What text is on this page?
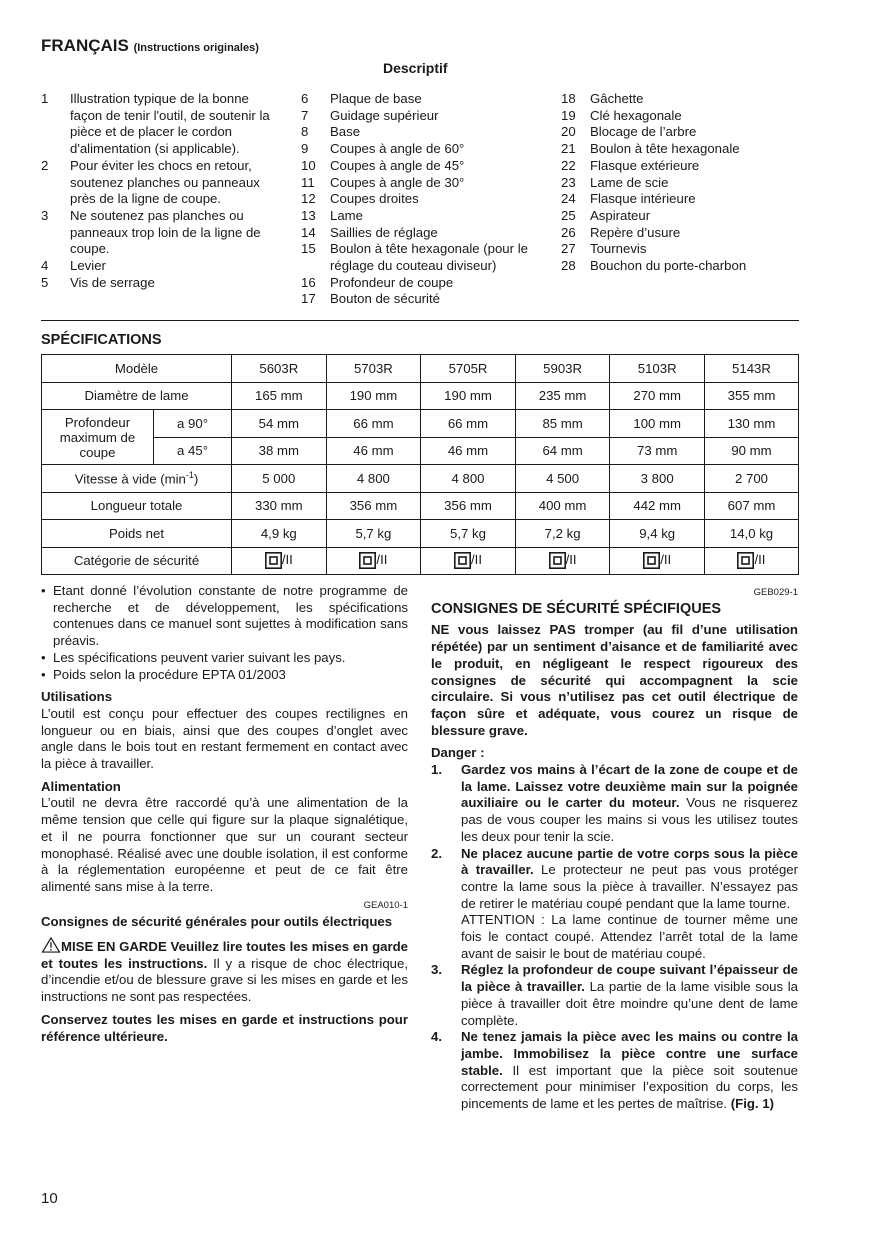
FRANÇAIS (Instructions originales)
Descriptif
1	Illustration typique de la bonne façon de tenir l'outil, de soutenir la pièce et de placer le cordon d'alimentation (si applicable).
2	Pour éviter les chocs en retour, soutenez planches ou panneaux près de la ligne de coupe.
3	Ne soutenez pas planches ou panneaux trop loin de la ligne de coupe.
4	Levier
5	Vis de serrage
6	Plaque de base
7	Guidage supérieur
8	Base
9	Coupes à angle de 60°
10	Coupes à angle de 45°
11	Coupes à angle de 30°
12	Coupes droites
13	Lame
14	Saillies de réglage
15	Boulon à tête hexagonale (pour le réglage du couteau diviseur)
16	Profondeur de coupe
17	Bouton de sécurité
18	Gâchette
19	Clé hexagonale
20	Blocage de l’arbre
21	Boulon à tête hexagonale
22	Flasque extérieure
23	Lame de scie
24	Flasque intérieure
25	Aspirateur
26	Repère d’usure
27	Tournevis
28	Bouchon du porte-charbon
SPÉCIFICATIONS
Modèle		5603R	5703R	5705R	5903R	5103R	5143R
Diamètre de lame		165 mm	190 mm	190 mm	235 mm	270 mm	355 mm
Profondeur maximum de coupe	a 90°	54 mm	66 mm	66 mm	85 mm	100 mm	130 mm
	a 45°	38 mm	46 mm	46 mm	64 mm	73 mm	90 mm
Vitesse à vide $(\min^{-1})$		5 000	4 800	4 800	4 500	3 800	2 700
Longueur totale		330 mm	356 mm	356 mm	400 mm	442 mm	607 mm
Poids net		4,9 kg	5,7 kg	5,7 kg	7,2 kg	9,4 kg	14,0 kg
Catégorie de sécurité		/II	/II	/II	/II	/II	/II
• Etant donné l’évolution constante de notre programme de recherche et de développement, les spécifications contenues dans ce manuel sont sujettes à modification sans préavis.
• Les spécifications peuvent varier suivant les pays.
• Poids selon la procédure EPTA 01/2003
Utilisations
L’outil est conçu pour effectuer des coupes rectilignes en longueur ou en biais, ainsi que des coupes d’onglet avec angle dans le bois tout en restant fermement en contact avec la pièce à travailler.
Alimentation
L’outil ne devra être raccordé qu’à une alimentation de la même tension que celle qui figure sur la plaque signalétique, et il ne pourra fonctionner que sur un courant secteur monophasé. Réalisé avec une double isolation, il est conforme à la réglementation européenne et peut de ce fait être alimenté sans mise à la terre.
GEA010-1
Consignes de sécurité générales pour outils électriques
MISE EN GARDE Veuillez lire toutes les mises en garde et toutes les instructions. Il y a risque de choc électrique, d’incendie et/ou de blessure grave si les mises en garde et les instructions ne sont pas respectées.
Conservez toutes les mises en garde et instructions pour référence ultérieure.
GEB029-1
CONSIGNES DE SÉCURITÉ SPÉCIFIQUES
NE vous laissez PAS tromper (au fil d’une utilisation répétée) par un sentiment d’aisance et de familiarité avec le produit, en négligeant le respect rigoureux des consignes de sécurité qui accompagnent la scie circulaire. Si vous n’utilisez pas cet outil électrique de façon sûre et adéquate, vous courez un risque de blessure grave.
Danger :
1.	Gardez vos mains à l’écart de la zone de coupe et de la lame. Laissez votre deuxième main sur la poignée auxiliaire ou le carter du moteur. Vous ne risquerez pas de vous couper les mains si vous les utilisez toutes les deux pour tenir la scie.
2.	Ne placez aucune partie de votre corps sous la pièce à travailler. Le protecteur ne peut pas vous protéger contre la lame sous la pièce à travailler. N’essayez pas de retirer le matériau coupé pendant que la lame tourne.
ATTENTION : La lame continue de tourner même une fois le contact coupé. Attendez l’arrêt total de la lame avant de saisir le bout de matériau coupé.
3.	Réglez la profondeur de coupe suivant l’épaisseur de la pièce à travailler. La partie de la lame visible sous la pièce à travailler doit être moindre qu’une dent de lame complète.
4.	Ne tenez jamais la pièce avec les mains ou contre la jambe. Immobilisez la pièce contre une surface stable. Il est important que la pièce soit soutenue correctement pour minimiser l’exposition du corps, les pincements de lame et les pertes de maîtrise. (Fig. 1)
10
